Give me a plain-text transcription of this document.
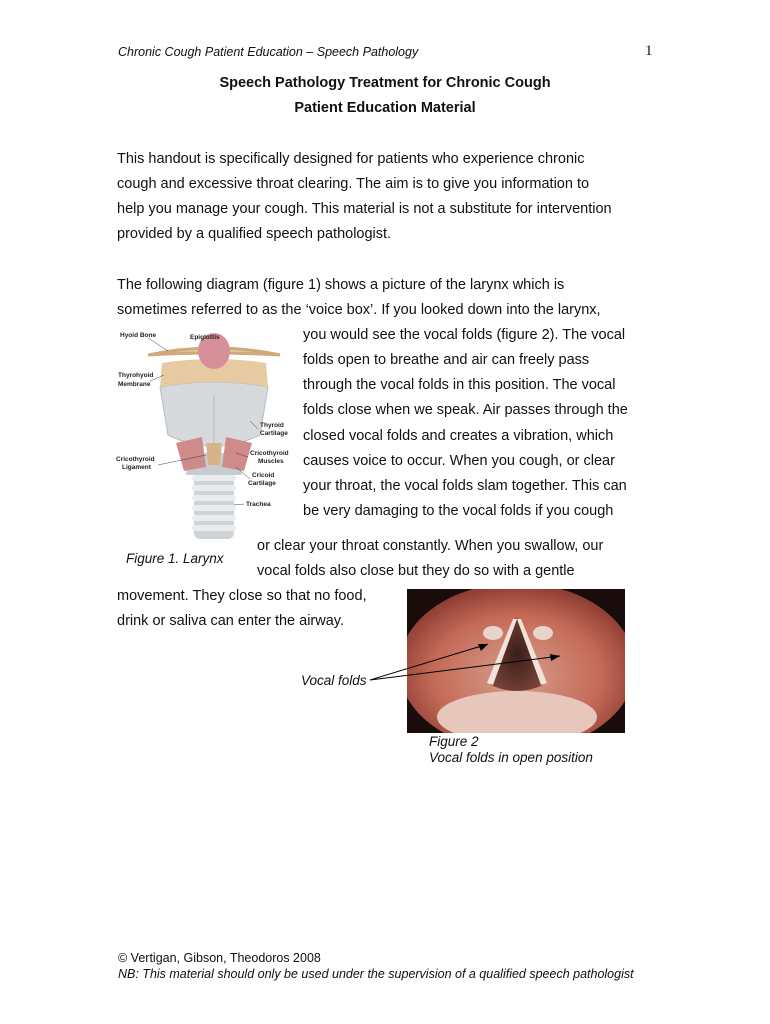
Chronic Cough Patient Education – Speech Pathology	1
Speech Pathology Treatment for Chronic Cough
Patient Education Material
This handout is specifically designed for patients who experience chronic
cough and excessive throat clearing. The aim is to give you information to
help you manage your cough. This material is not a substitute for intervention
provided by a qualified speech pathologist.
The following diagram (figure 1) shows a picture of the larynx which is
sometimes referred to as the ‘voice box’. If you looked down into the larynx,
you would see the vocal folds (figure 2). The vocal
folds open to breathe and air can freely pass
through the vocal folds in this position. The vocal
folds close when we speak. Air passes through the
closed vocal folds and creates a vibration, which
causes voice to occur. When you cough, or clear
your throat, the vocal folds slam together. This can
be very damaging to the vocal folds if you cough
or clear your throat constantly. When you swallow, our
vocal folds also close but they do so with a gentle
movement. They close so that no food,
drink or saliva can enter the airway.
Hyoid Bone	Epiglottis
Thyrohyoid
Membrane
Thyroid
Cartilage
Cricothyroid
Muscles
Cricothyroid
Ligament
Cricoid
Cartilage
Trachea
Figure 1. Larynx
Vocal folds
Figure 2
Vocal folds in open position
© Vertigan, Gibson, Theodoros 2008
NB: This material should only be used under the supervision of a qualified speech pathologist
